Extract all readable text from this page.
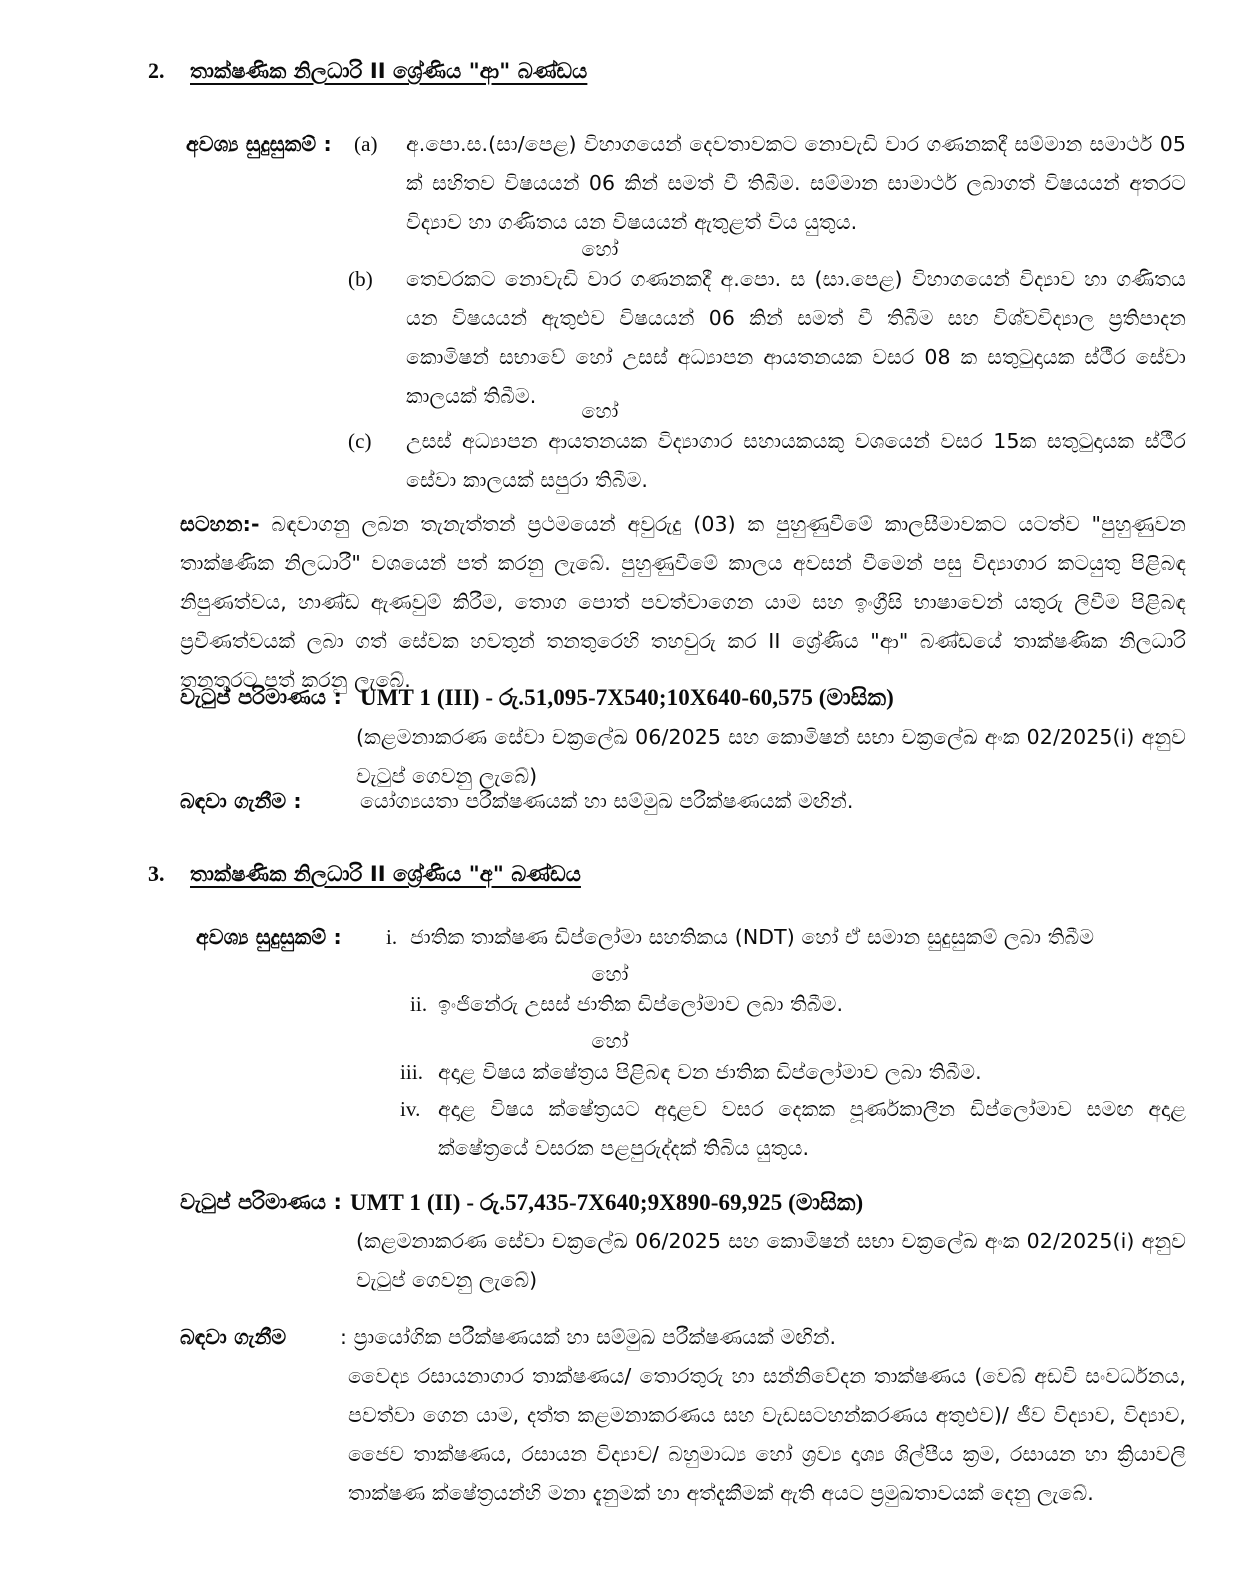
2.	තාක්ෂණික නිලධාරි II ශ්‍රේණිය "ආ" බණ්ඩය
අවශ්‍ය සුදුසුකම් :	(a)	අ.පො.ස.(සා/පෙළ) විහාගයෙන් දෙවතාවකට නොවැඩි වාර ගණනකදී සම්මාන සමාර්ථ 05 ක් සහිතව විෂයයන් 06 කින් සමත් වී තිබීම. සම්මාන සාමාර්ථ ලබාගත් විෂයයන් අතරට විද්‍යාව හා ගණිතය යන විෂයයන් ඇතුළත් විය යුතුය.
හෝ
(b)	තෙවරකට නොවැඩි වාර ගණනකදී අ.පො. ස (සා.පෙළ) විහාගයෙන් විද්‍යාව හා ගණිතය යන විෂයයන් ඇතුළුව විෂයයන් 06 කින් සමත් වී තිබීම සහ විශ්වවිද්‍යාල ප්‍රතිපාදන කොමිෂන් සභාවේ හෝ උසස් අධ්‍යාපන ආයතනයක වසර 08 ක සතුටුදායක ස්ථීර සේවා කාලයක් තිබීම.
හෝ
(c)	උසස් අධ්‍යාපන ආයතනයක විද්‍යාගාර සහායකයකු වශයෙන් වසර 15ක සතුටුදායක ස්ථීර සේවා කාලයක් සපුරා තිබීම.
සටහන:- බඳවාගනු ලබන තැනැත්තන් ප්‍රථමයෙන් අවුරුදු (03) ක පුහුණුවීමේ කාලසීමාවකට යටත්ව "පුහුණුවන තාක්ෂණික නිලධාරී" වශයෙන් පත් කරනු ලැබේ. පුහුණුවීමේ කාලය අවසන් වීමෙන් පසු විද්‍යාගාර කටයුතු පිළිබඳ නිපුණත්වය, හාණ්ඩ ඇණවුම් කිරීම, තොග පොත් පවත්වාගෙන යාම සහ ඉංග්‍රීසි භාෂාවෙන් යතුරු ලිවීම පිළිබඳ ප්‍රවීණත්වයක් ලබා ගත් සේවක හවතුන් තනතුරෙහි තහවුරු කර II ශ්‍රේණිය "ආ" බණ්ඩයේ තාක්ෂණික නිලධාරි තනතුරට පත් කරනු ලැබේ.
වැටුප් පරිමාණය : UMT 1 (III) - රු.51,095-7X540;10X640-60,575 (මාසික)
(කළමනාකරණ සේවා චක්‍රලේඛ 06/2025 සහ කොමිෂන් සභා චක්‍රලේඛ අංක 02/2025(i) අනුව වැටුප් ගෙවනු ලැබේ)
බඳවා ගැනීම :	යෝග්‍යයතා පරීක්ෂණයක් හා සම්මුඛ පරීක්ෂණයක් මඟින්.
3.	තාක්ෂණික නිලධාරි II ශ්‍රේණිය "අ" බණ්ඩය
අවශ්‍ය සුදුසුකම් :	i. ජාතික තාක්ෂණ ඩිප්ලෝමා සහතිකය (NDT) හෝ ඒ සමාන සුදුසුකම් ලබා තිබීම
හෝ
ii. ඉංජිනේරු උසස් ජාතික ඩිප්ලෝමාව ලබා තිබීම.
හෝ
iii. අදාළ විෂය ක්ෂේත්‍රය පිළිබඳ වන ජාතික ඩිප්ලෝමාව ලබා තිබීම.
iv. අදාළ විෂය ක්ෂේත්‍රයට අදාළව වසර දෙකක පූර්ණකාලීන ඩිප්ලෝමාව සමඟ අදාළ ක්ෂේත්‍රයේ වසරක පළපුරුද්දක් තිබිය යුතුය.
වැටුප් පරිමාණය : UMT 1 (II) - රු.57,435-7X640;9X890-69,925 (මාසික)
(කළමනාකරණ සේවා චක්‍රලේඛ 06/2025 සහ කොමිෂන් සභා චක්‍රලේඛ අංක 02/2025(i) අනුව වැටුප් ගෙවනු ලැබේ)
බඳවා ගැනීම	: ප්‍රායෝගික පරීක්ෂණයක් හා සම්මුඛ පරීක්ෂණයක් මඟින්.
වෛද්‍ය රසායනාගාර තාක්ෂණය/ තොරතුරු හා සන්නිවේදන තාක්ෂණය (වෙබ් අඩවි සංවර්ධනය, පවත්වා ගෙන යාම, දත්ත කළමනාකරණය සහ වැඩසටහන්කරණය අතුළුව)/ ජීව විද්‍යාව, විද්‍යාව, ජෛව තාක්ෂණය, රසායන විද්‍යාව/ බහුමාධ්‍ය හෝ ශ්‍රව්‍ය දෘශ්‍ය ශිල්පීය ක්‍රම, රසායන හා ක්‍රියාවලි තාක්ෂණ ක්ෂේත්‍රයන්හි මනා දැනුමක් හා අත්දැකීමක් ඇති අයට ප්‍රමුඛතාවයක් දෙනු ලැබේ.
